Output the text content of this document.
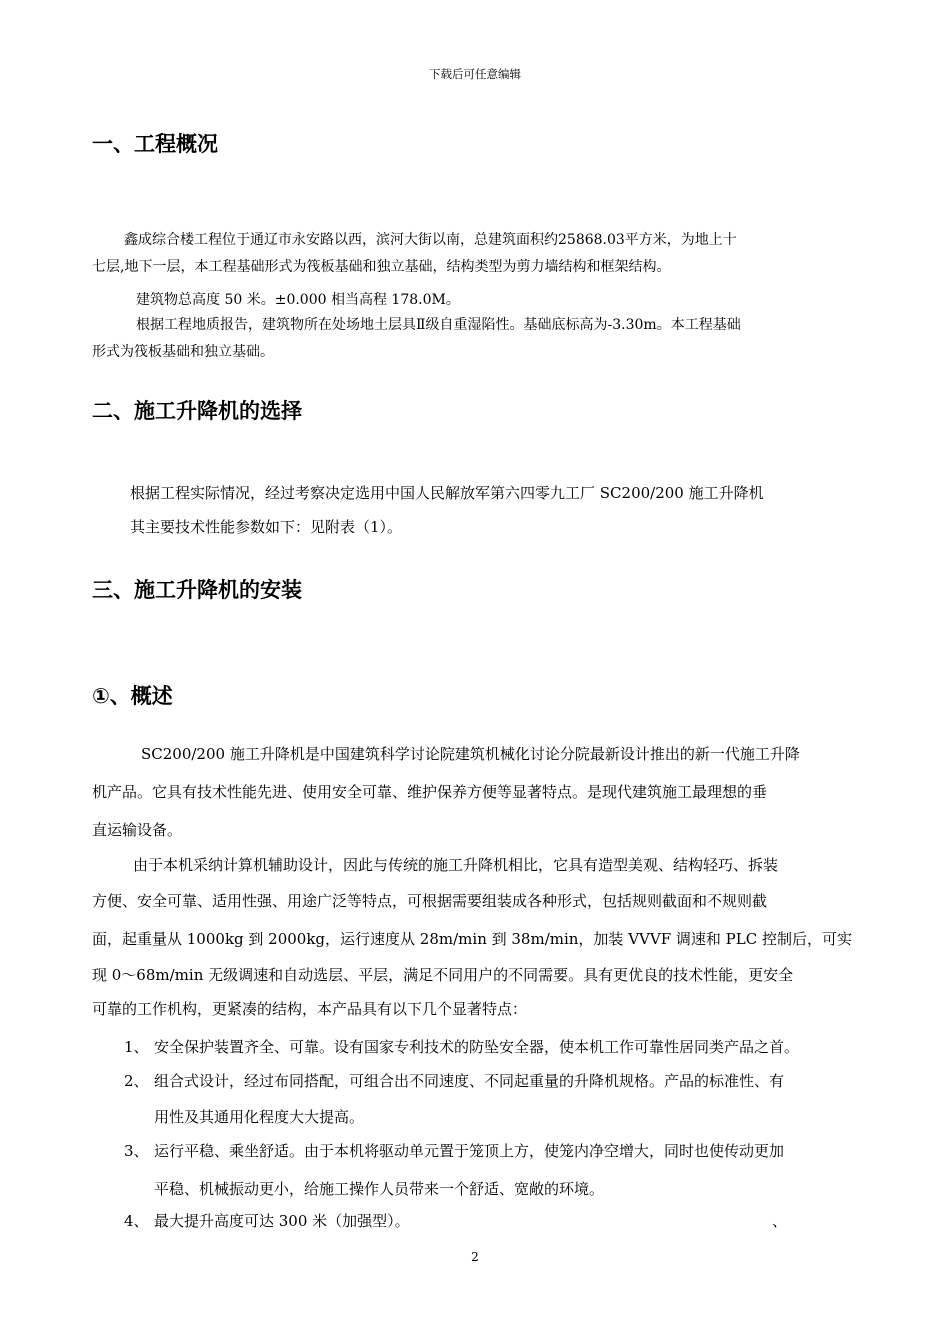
下载后可任意编辑
一、工程概况
鑫成综合楼工程位于通辽市永安路以西，滨河大街以南，总建筑面积约25868.03平方米，为地上十
七层,地下一层，本工程基础形式为筏板基础和独立基础，结构类型为剪力墙结构和框架结构。
建筑物总高度 50 米。±0.000 相当高程 178.0M。
根据工程地质报告，建筑物所在处场地土层具Ⅱ级自重湿陷性。基础底标高为-3.30m。本工程基础
形式为筏板基础和独立基础。
二、施工升降机的选择
根据工程实际情况，经过考察决定选用中国人民解放军第六四零九工厂 SC200/200 施工升降机
其主要技术性能参数如下：见附表（1）。
三、施工升降机的安装
①、概述
SC200/200 施工升降机是中国建筑科学讨论院建筑机械化讨论分院最新设计推出的新一代施工升降
机产品。它具有技术性能先进、使用安全可靠、维护保养方便等显著特点。是现代建筑施工最理想的垂
直运输设备。
由于本机采纳计算机辅助设计，因此与传统的施工升降机相比，它具有造型美观、结构轻巧、拆装
方便、安全可靠、适用性强、用途广泛等特点，可根据需要组装成各种形式，包括规则截面和不规则截
面，起重量从 1000kg 到 2000kg，运行速度从 28m/min 到 38m/min，加装 VVVF 调速和 PLC 控制后，可实
现 0～68m/min 无级调速和自动选层、平层，满足不同用户的不同需要。具有更优良的技术性能，更安全
可靠的工作机构，更紧凑的结构，本产品具有以下几个显著特点：
1、 安全保护装置齐全、可靠。设有国家专利技术的防坠安全器，使本机工作可靠性居同类产品之首。
2、 组合式设计，经过布同搭配，可组合出不同速度、不同起重量的升降机规格。产品的标准性、有
用性及其通用化程度大大提高。
3、 运行平稳、乘坐舒适。由于本机将驱动单元置于笼顶上方，使笼内净空增大，同时也使传动更加
平稳、机械振动更小，给施工操作人员带来一个舒适、宽敞的环境。
4、 最大提升高度可达 300 米（加强型）。	、
2
